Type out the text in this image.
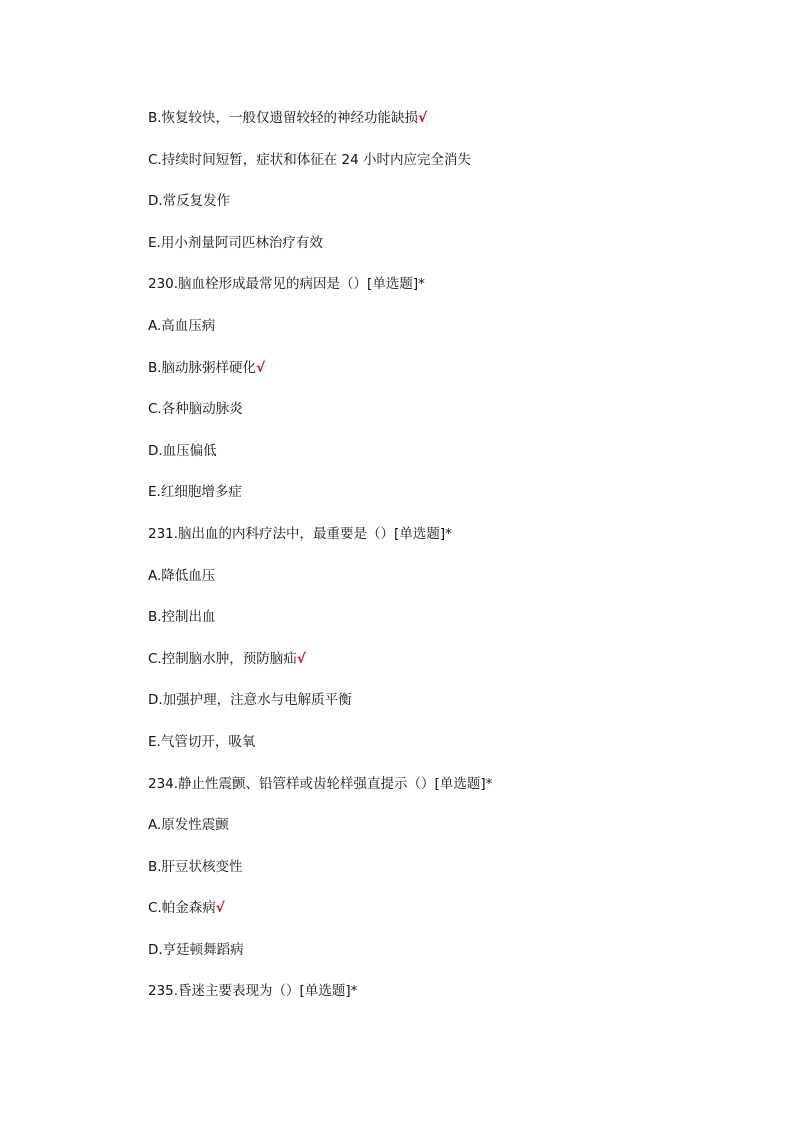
B.恢复较快，一般仅遗留较轻的神经功能缺损√
C.持续时间短暂，症状和体征在 24 小时内应完全消失
D.常反复发作
E.用小剂量阿司匹林治疗有效
230.脑血栓形成最常见的病因是（）[单选题]*
A.高血压病
B.脑动脉粥样硬化√
C.各种脑动脉炎
D.血压偏低
E.红细胞增多症
231.脑出血的内科疗法中，最重要是（）[单选题]*
A.降低血压
B.控制出血
C.控制脑水肿，预防脑疝√
D.加强护理，注意水与电解质平衡
E.气管切开，吸氧
234.静止性震颤、铅管样或齿轮样强直提示（）[单选题]*
A.原发性震颤
B.肝豆状核变性
C.帕金森病√
D.亨廷顿舞蹈病
235.昏迷主要表现为（）[单选题]*
